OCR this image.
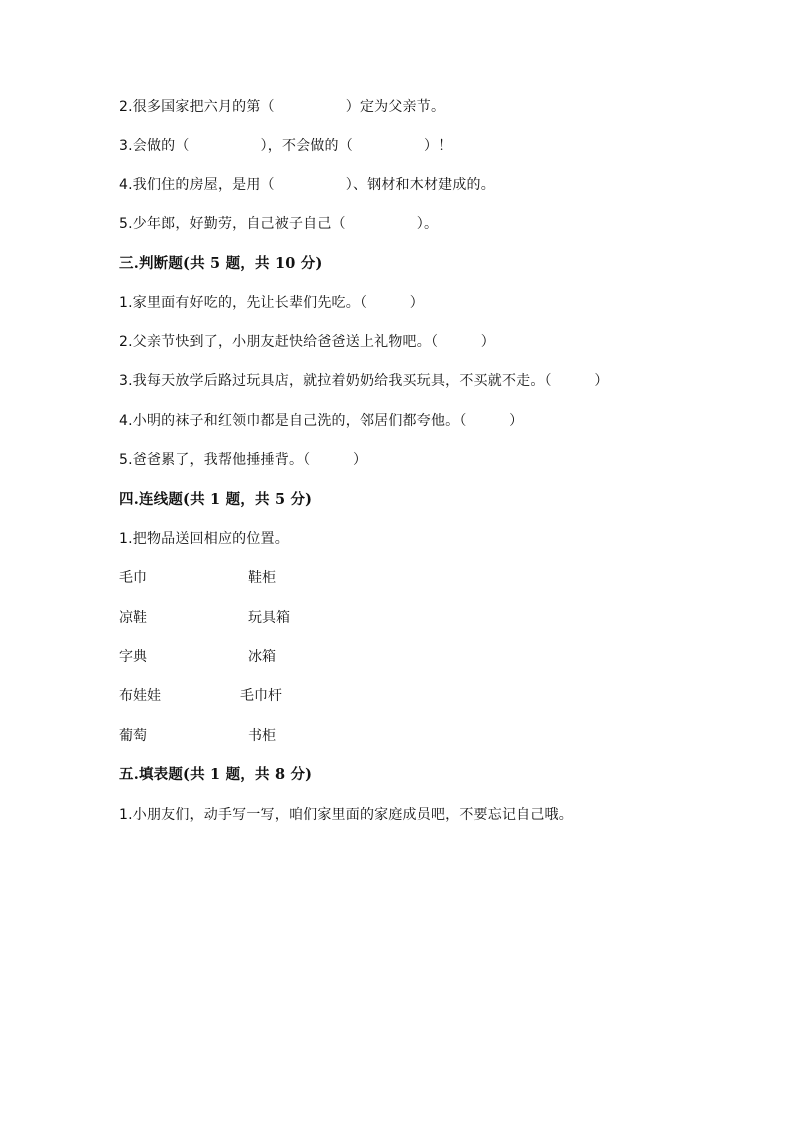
2.很多国家把六月的第（　　　　　）定为父亲节。
3.会做的（　　　　　），不会做的（　　　　　）！
4.我们住的房屋，是用（　　　　　）、钢材和木材建成的。
5.少年郎，好勤劳，自己被子自己（　　　　　）。
三.判断题(共 5 题，共 10 分)
1.家里面有好吃的，先让长辈们先吃。（　　　）
2.父亲节快到了，小朋友赶快给爸爸送上礼物吧。（　　　）
3.我每天放学后路过玩具店，就拉着奶奶给我买玩具，不买就不走。（　　　）
4.小明的袜子和红领巾都是自己洗的，邻居们都夸他。（　　　）
5.爸爸累了，我帮他捶捶背。（　　　）
四.连线题(共 1 题，共 5 分)
1.把物品送回相应的位置。
毛巾	鞋柜
凉鞋	玩具箱
字典	冰箱
布娃娃	毛巾杆
葡萄	书柜
五.填表题(共 1 题，共 8 分)
1.小朋友们，动手写一写，咱们家里面的家庭成员吧，不要忘记自己哦。
